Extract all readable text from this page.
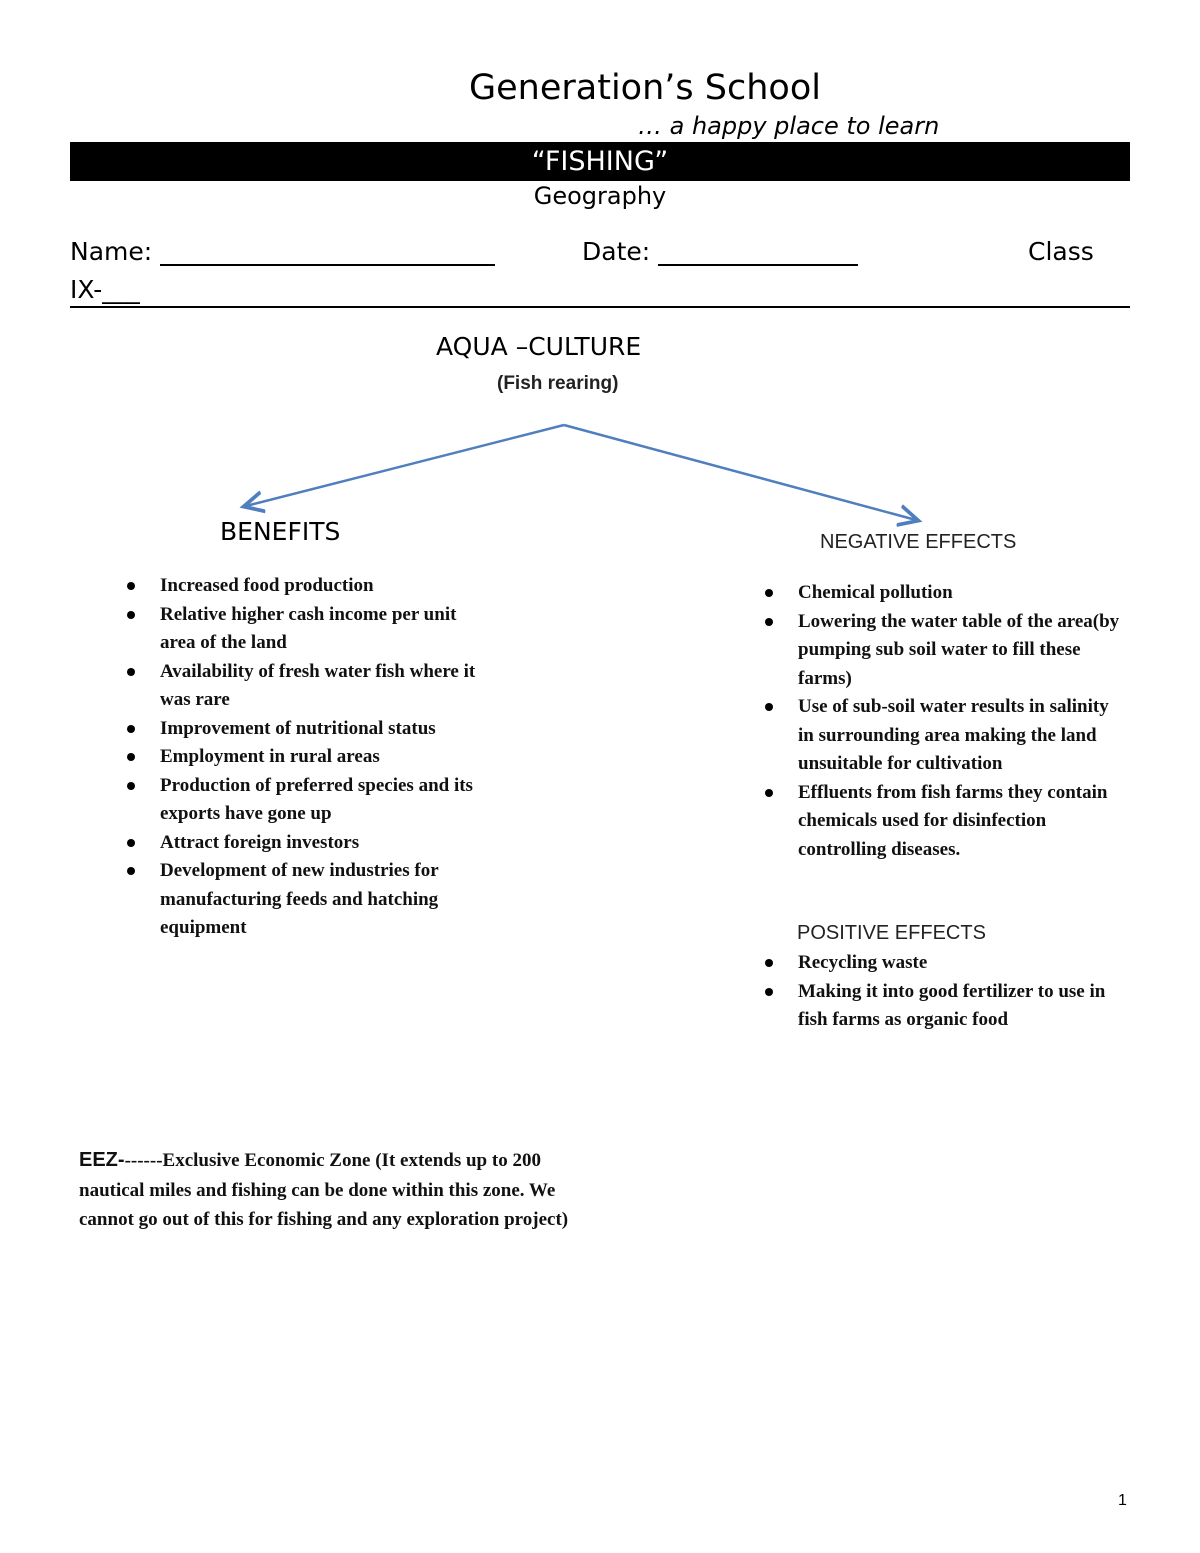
Generation’s School
… a happy place to learn
“FISHING”
Geography
Name:	Date:	Class
IX-___
AQUA –CULTURE
(Fish rearing)
BENEFITS
Increased food production
Relative higher cash income per unit area of the land
Availability of fresh water fish where it was rare
Improvement of nutritional status
Employment in rural areas
Production of preferred species and its exports have gone up
Attract foreign investors
Development of new industries for manufacturing feeds and hatching equipment
NEGATIVE EFFECTS
Chemical pollution
Lowering the water table of the area(by pumping sub soil water to fill these farms)
Use of sub-soil water results in salinity in surrounding area making the land unsuitable for cultivation
Effluents from fish farms they contain chemicals used for disinfection controlling diseases.
POSITIVE EFFECTS
Recycling waste
Making it into good fertilizer to use in fish farms as organic food
EEZ-------Exclusive Economic Zone (It extends up to 200 nautical miles and fishing can be done within this zone. We cannot go out of this for fishing and any exploration project)
1
